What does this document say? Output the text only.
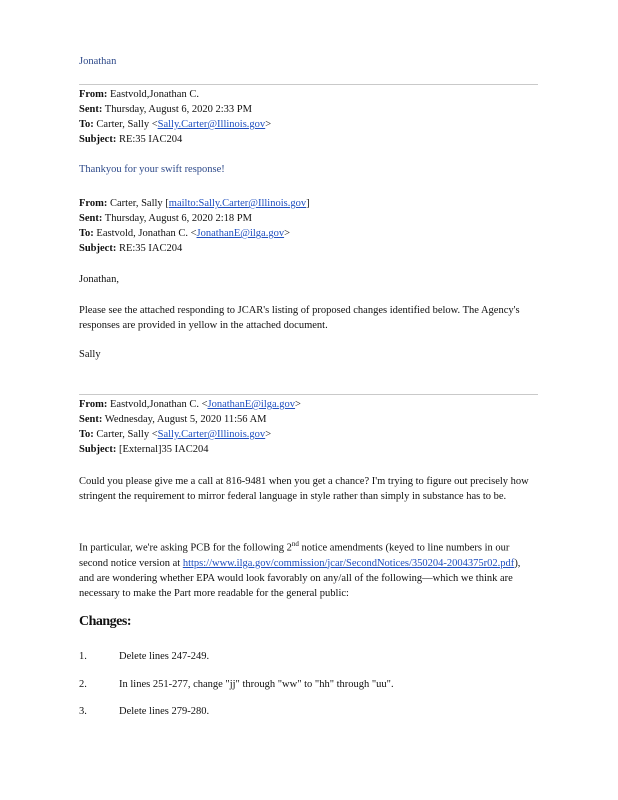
Jonathan
From: Eastvold,Jonathan C.
Sent: Thursday, August 6, 2020 2:33 PM
To: Carter, Sally <Sally.Carter@Illinois.gov>
Subject: RE:35 IAC204
Thankyou for your swift response!
From: Carter, Sally [mailto:Sally.Carter@Illinois.gov]
Sent: Thursday, August 6, 2020 2:18 PM
To: Eastvold, Jonathan C. <JonathanE@ilga.gov>
Subject: RE:35 IAC204
Jonathan,
Please see the attached responding to JCAR's listing of proposed changes identified below. The Agency's responses are provided in yellow in the attached document.
Sally
From: Eastvold,Jonathan C. <JonathanE@ilga.gov>
Sent: Wednesday, August 5, 2020 11:56 AM
To: Carter, Sally <Sally.Carter@Illinois.gov>
Subject: [External]35 IAC204
Could you please give me a call at 816-9481 when you get a chance? I'm trying to figure out precisely how stringent the requirement to mirror federal language in style rather than simply in substance has to be.
In particular, we're asking PCB for the following 2nd notice amendments (keyed to line numbers in our second notice version at https://www.ilga.gov/commission/jcar/SecondNotices/350204-2004375r02.pdf), and are wondering whether EPA would look favorably on any/all of the following—which we think are necessary to make the Part more readable for the general public:
Changes:
1.	Delete lines 247-249.
2.	In lines 251-277, change "jj" through "ww" to "hh" through "uu".
3.	Delete lines 279-280.
